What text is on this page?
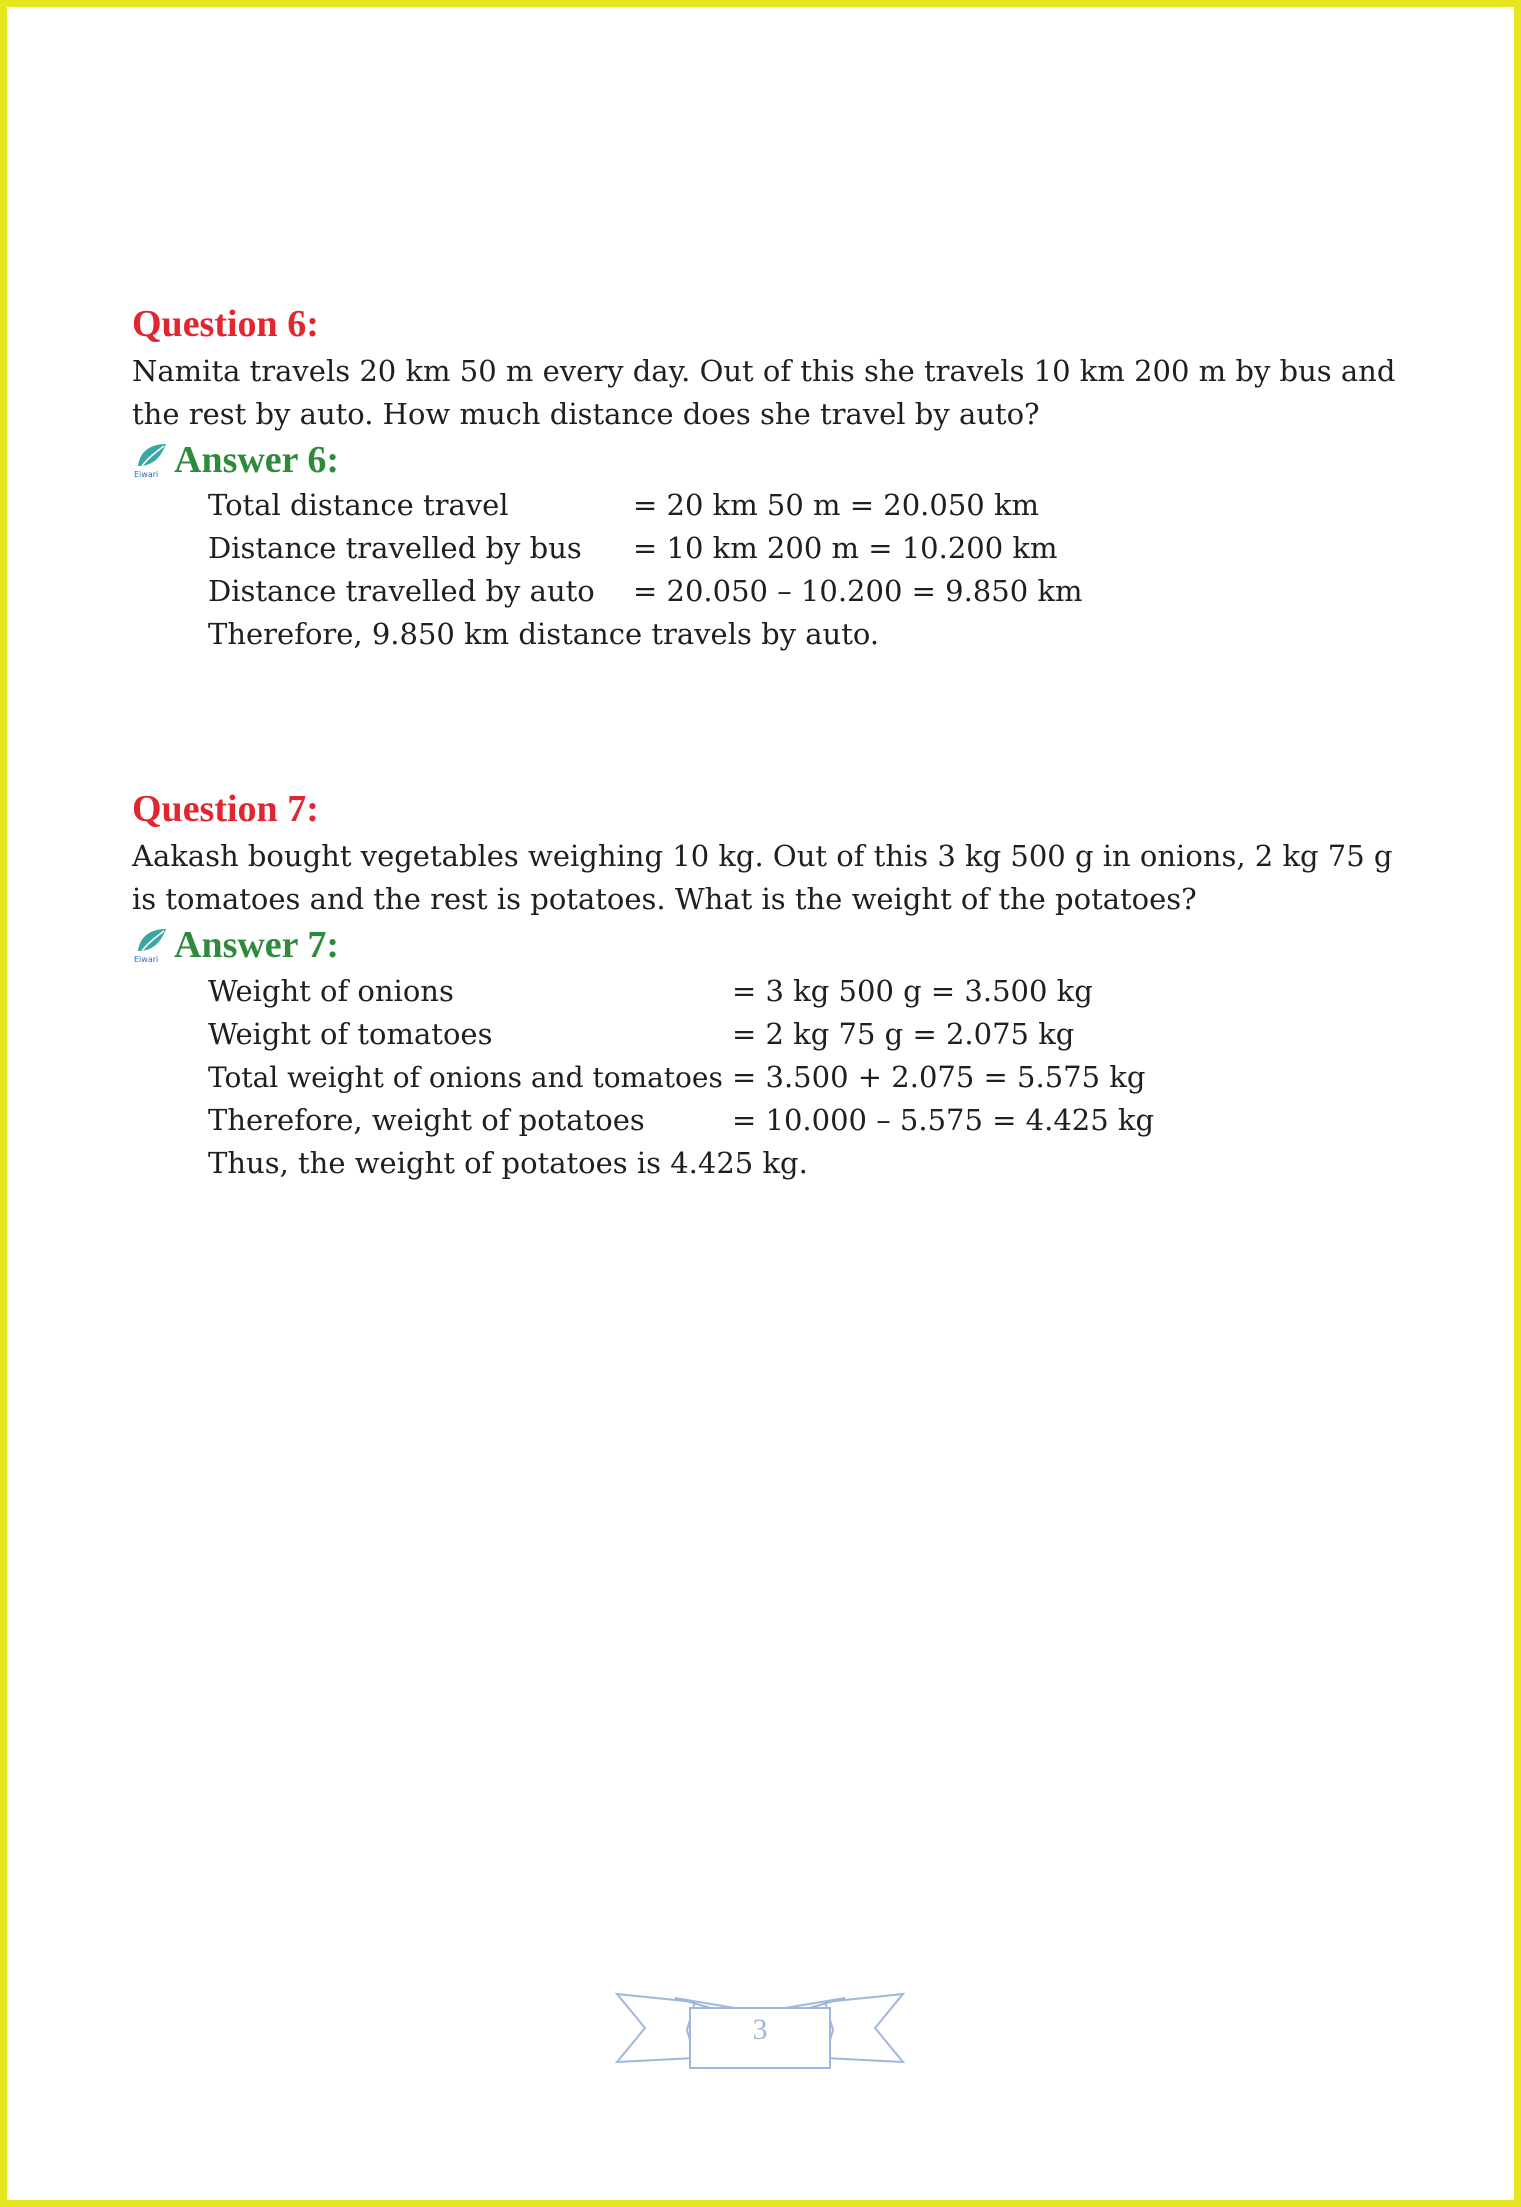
Question 6:
Namita travels 20 km 50 m every day. Out of this she travels 10 km 200 m by bus and the rest by auto. How much distance does she travel by auto?
Eiwari Answer 6:
Total distance travel	= 20 km 50 m = 20.050 km
Distance travelled by bus = 10 km 200 m = 10.200 km
Distance travelled by auto = 20.050 – 10.200 = 9.850 km
Therefore, 9.850 km distance travels by auto.
Question 7:
Aakash bought vegetables weighing 10 kg. Out of this 3 kg 500 g in onions, 2 kg 75 g is tomatoes and the rest is potatoes. What is the weight of the potatoes?
Eiwari Answer 7:
Weight of onions	= 3 kg 500 g = 3.500 kg
Weight of tomatoes	= 2 kg 75 g = 2.075 kg
Total weight of onions and tomatoes = 3.500 + 2.075 = 5.575 kg
Therefore, weight of potatoes	= 10.000 – 5.575 = 4.425 kg
Thus, the weight of potatoes is 4.425 kg.
3
